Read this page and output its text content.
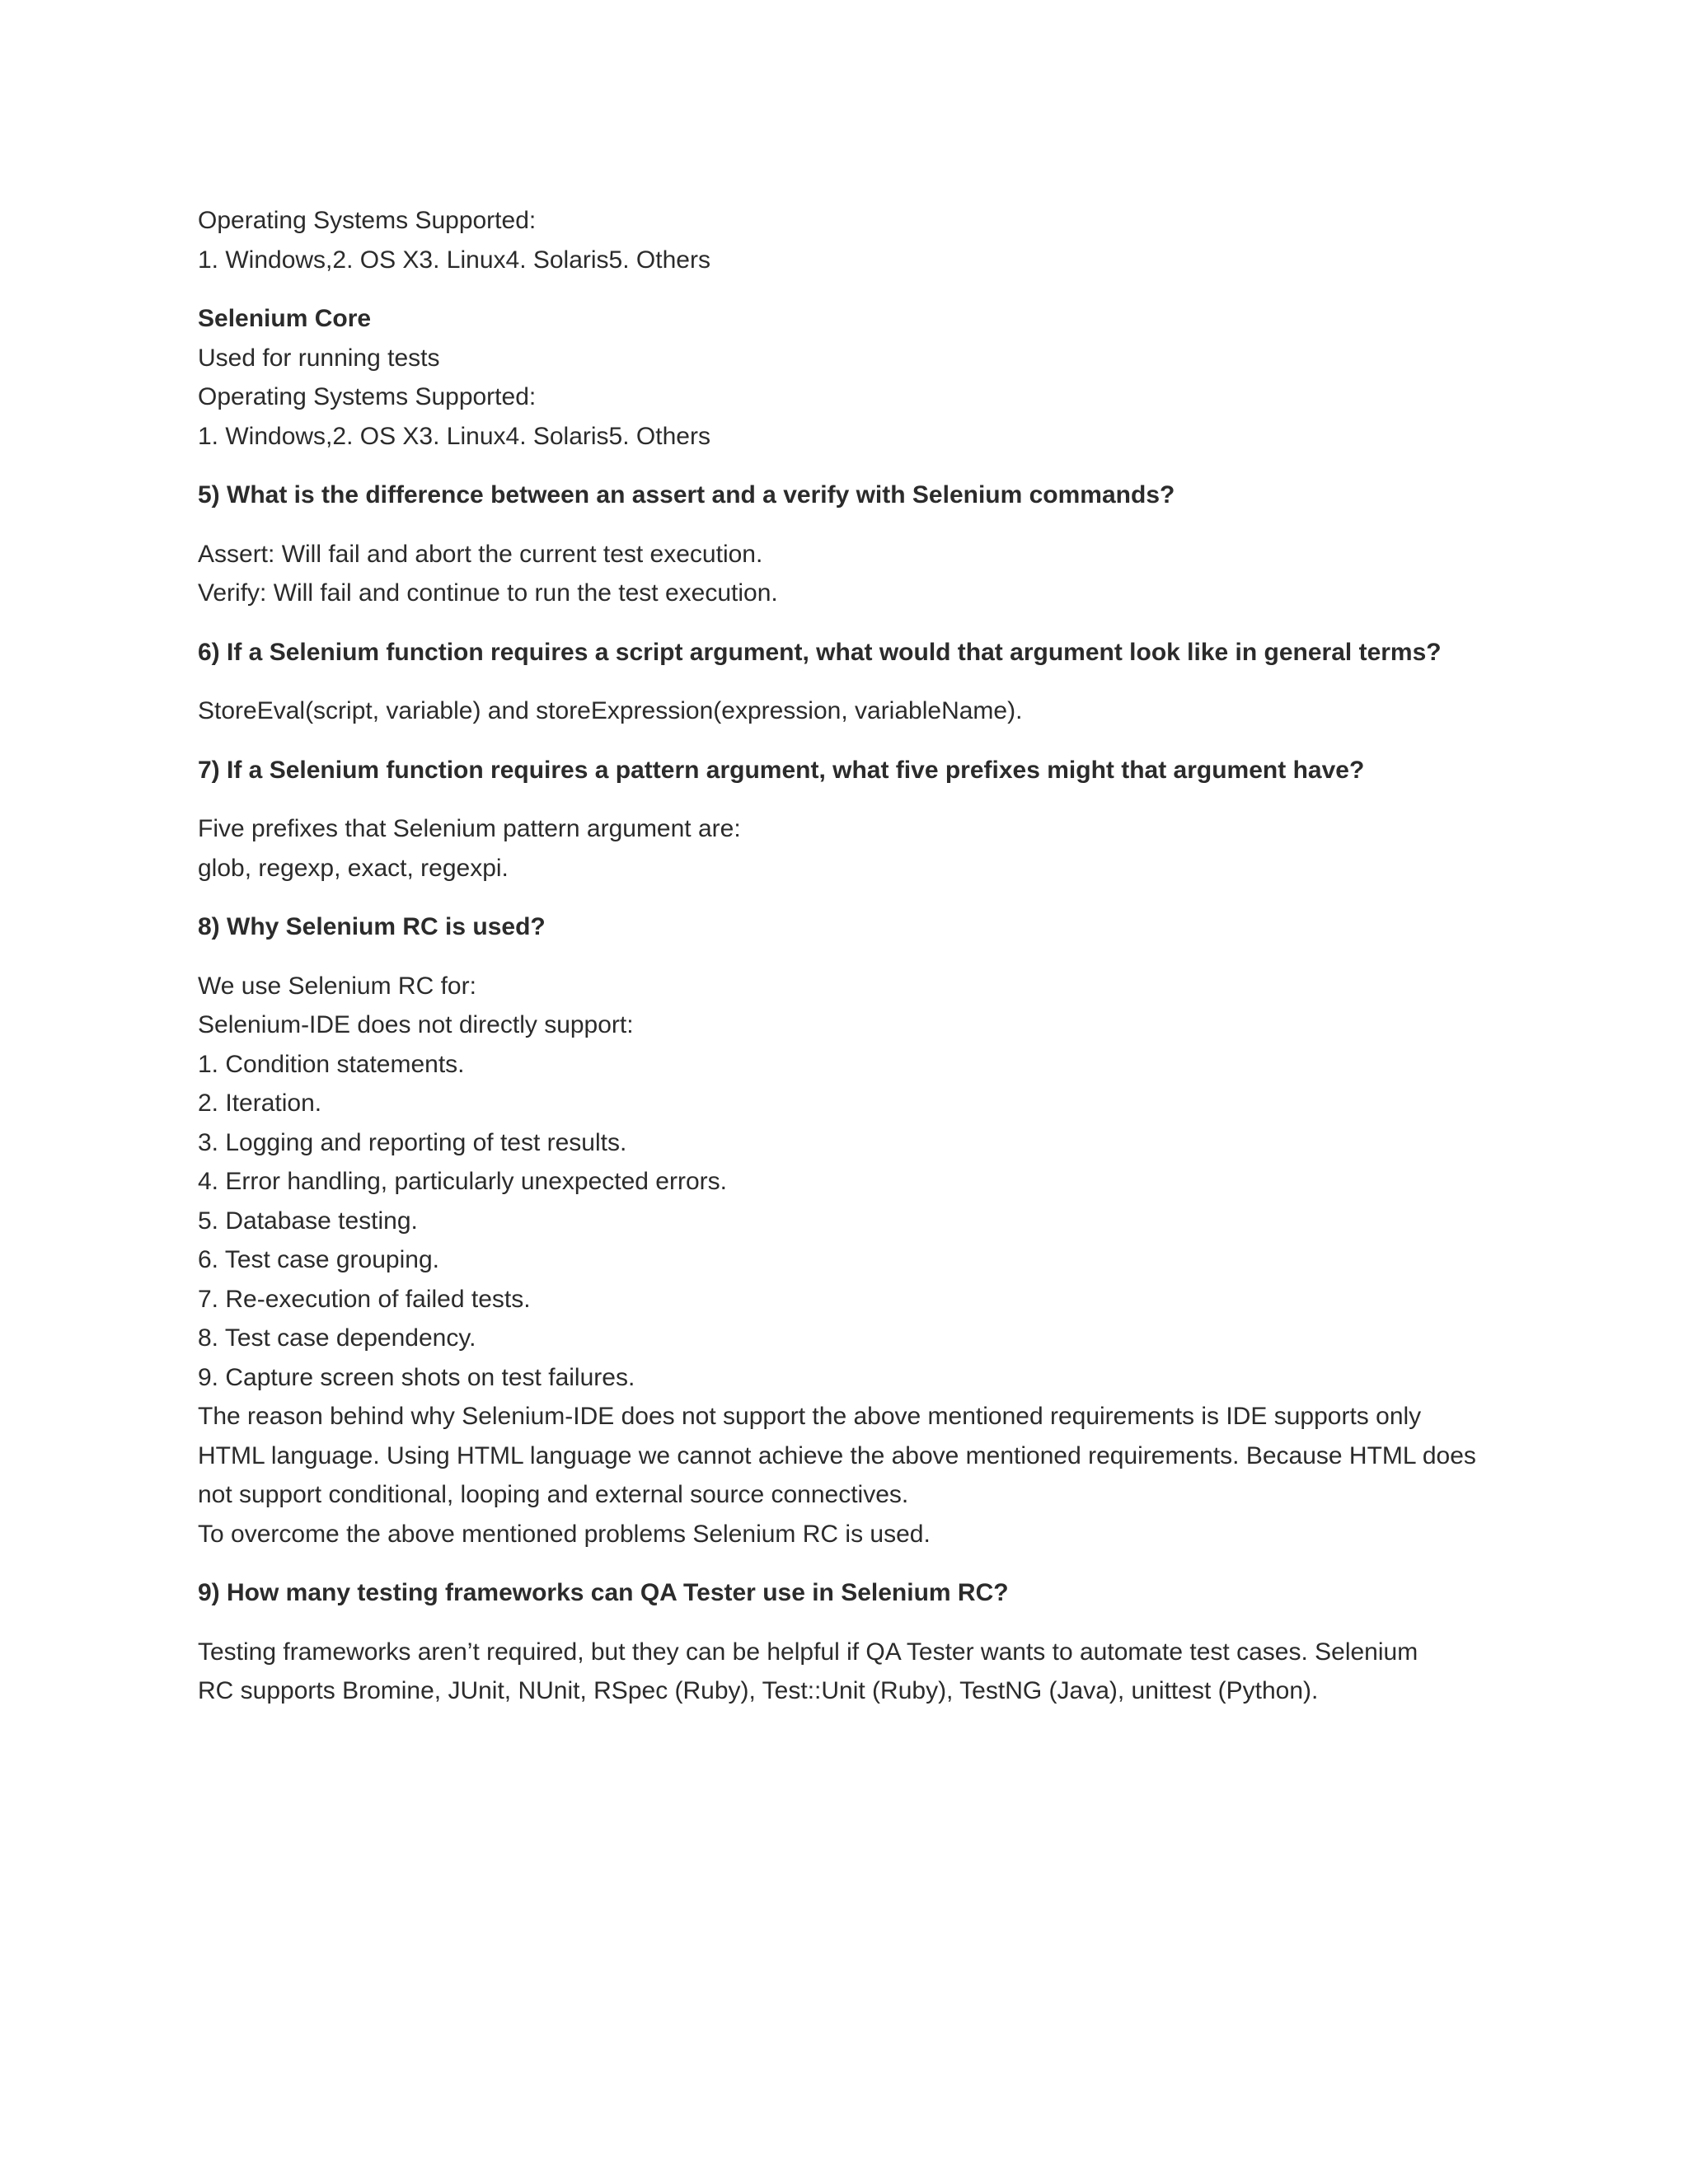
Operating Systems Supported:
1. Windows,2. OS X3. Linux4. Solaris5. Others
Selenium Core
Used for running tests
Operating Systems Supported:
1. Windows,2. OS X3. Linux4. Solaris5. Others
5) What is the difference between an assert and a verify with Selenium commands?
Assert: Will fail and abort the current test execution.
Verify: Will fail and continue to run the test execution.
6) If a Selenium function requires a script argument, what would that argument look like in general terms?
StoreEval(script, variable) and storeExpression(expression, variableName).
7) If a Selenium function requires a pattern argument, what five prefixes might that argument have?
Five prefixes that Selenium pattern argument are:
glob, regexp, exact, regexpi.
8) Why Selenium RC is used?
We use Selenium RC for:
Selenium-IDE does not directly support:
1. Condition statements.
2. Iteration.
3. Logging and reporting of test results.
4. Error handling, particularly unexpected errors.
5. Database testing.
6. Test case grouping.
7. Re-execution of failed tests.
8. Test case dependency.
9. Capture screen shots on test failures.
The reason behind why Selenium-IDE does not support the above mentioned requirements is IDE supports only
HTML language. Using HTML language we cannot achieve the above mentioned requirements. Because HTML does
not support conditional, looping and external source connectives.
To overcome the above mentioned problems Selenium RC is used.
9) How many testing frameworks can QA Tester use in Selenium RC?
Testing frameworks aren’t required, but they can be helpful if QA Tester wants to automate test cases. Selenium
RC supports Bromine, JUnit, NUnit, RSpec (Ruby), Test::Unit (Ruby), TestNG (Java), unittest (Python).
